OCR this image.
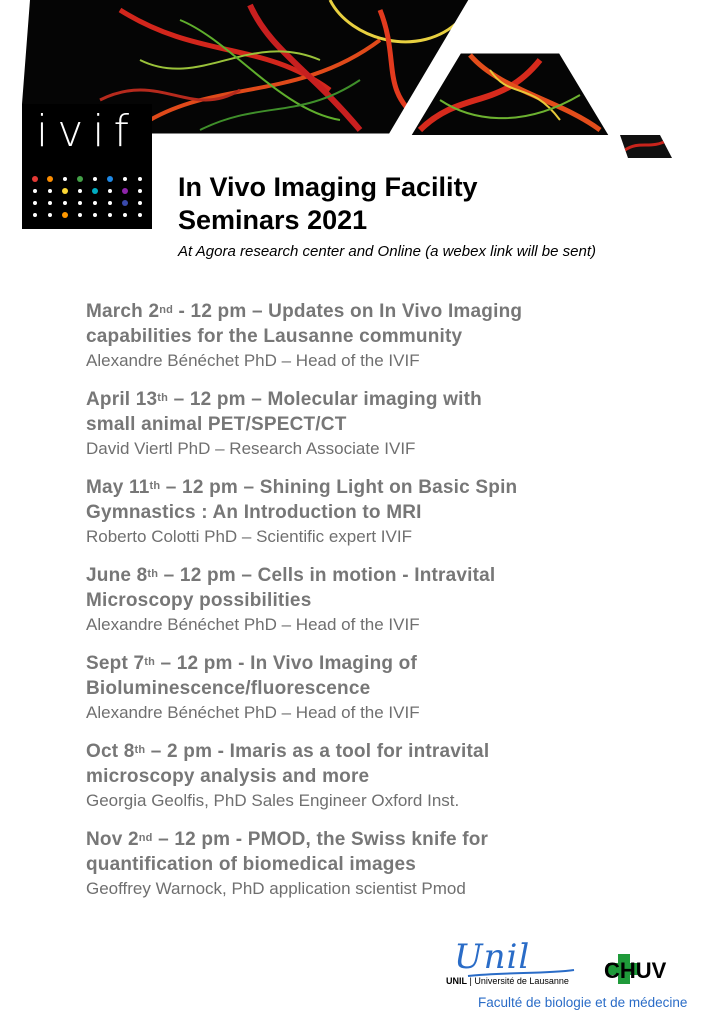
ivif
In Vivo Imaging Facility
Seminars 2021
At Agora research center and Online (a webex link will be sent)
March 2nd - 12 pm – Updates on In Vivo Imaging
capabilities for the Lausanne community
Alexandre Bénéchet PhD – Head of the IVIF
April 13th – 12 pm – Molecular imaging with
small animal PET/SPECT/CT
David Viertl PhD – Research Associate IVIF
May 11th – 12 pm – Shining Light on Basic Spin
Gymnastics : An Introduction to MRI
Roberto Colotti PhD – Scientific expert IVIF
June 8th – 12 pm – Cells in motion - Intravital
Microscopy possibilities
Alexandre Bénéchet PhD – Head of the IVIF
Sept 7th – 12 pm - In Vivo Imaging of
Bioluminescence/fluorescence
Alexandre Bénéchet PhD – Head of the IVIF
Oct 8th – 2 pm - Imaris as a tool for intravital
microscopy analysis and more
Georgia Geolfis, PhD Sales Engineer Oxford Inst.
Nov 2nd – 12 pm - PMOD, the Swiss knife for
quantification of biomedical images
Geoffrey Warnock, PhD application scientist Pmod
Unil
UNIL | Université de Lausanne CHUV
Faculté de biologie et de médecine
